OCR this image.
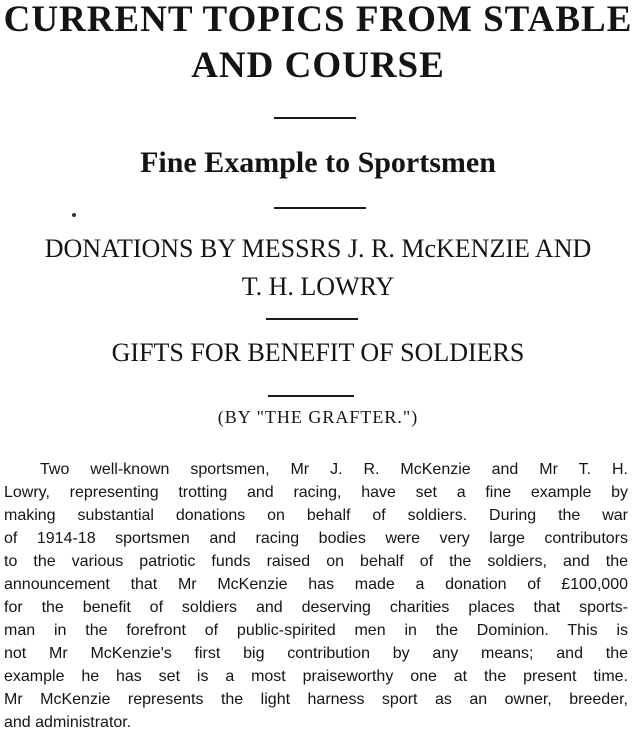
CURRENT TOPICS FROM STABLE
AND COURSE
Fine Example to Sportsmen
DONATIONS BY MESSRS J. R. McKENZIE AND
T. H. LOWRY
GIFTS FOR BENEFIT OF SOLDIERS

(BY "THE GRAFTER.")

Two well-known sportsmen, Mr J. R. McKenzie and Mr T. H.

Lowry, representing trotting and racing, have set a fine example by

making substantial donations on behalf of soldiers. During the war

of 1914-18 sportsmen and racing bodies were very large contributors

to the various patriotic funds raised on behalf of the soldiers, and the

announcement that Mr McKenzie has made a donation of £100,000

for the benefit of soldiers and deserving charities places that sports-

man in the forefront of public-spirited men in the Dominion. This is

not Mr McKenzie's first big contribution by any means; and the

example he has set is a most praiseworthy one at the present time.

Mr McKenzie represents the light harness sport as an owner, breeder,

and administrator.
